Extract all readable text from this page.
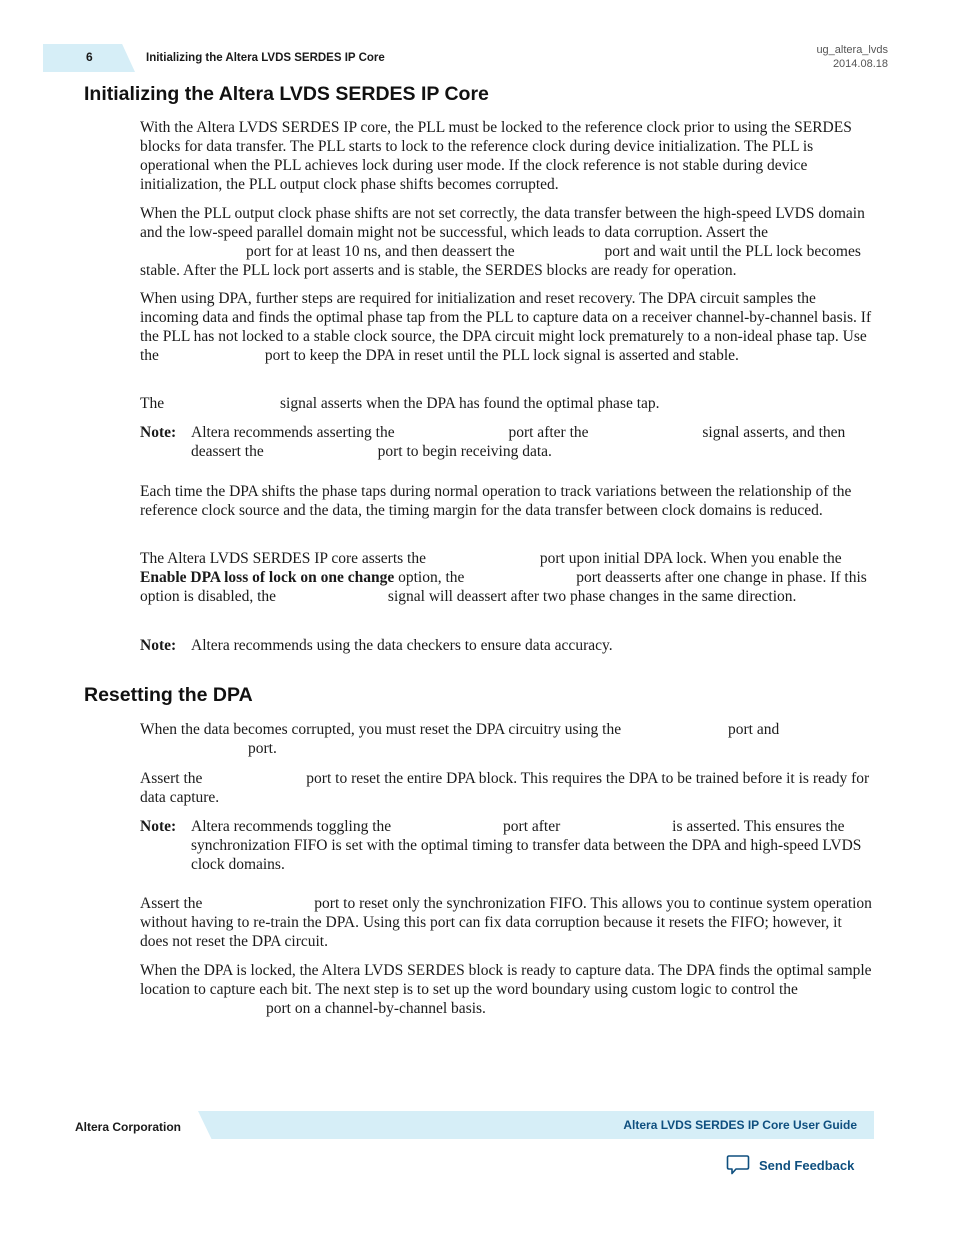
6	Initializing the Altera LVDS SERDES IP Core
ug_altera_lvds
2014.08.18
Initializing the Altera LVDS SERDES IP Core

With the Altera LVDS SERDES IP core, the PLL must be locked to the reference clock prior to using the SERDES blocks for data transfer. The PLL starts to lock to the reference clock during device initialization. The PLL is operational when the PLL achieves lock during user mode. If the clock reference is not stable during device initialization, the PLL output clock phase shifts becomes corrupted.

When the PLL output clock phase shifts are not set correctly, the data transfer between the high-speed LVDS domain and the low-speed parallel domain might not be successful, which leads to data corruption. Assert the port for at least 10 ns, and then deassert the	port and wait until the PLL lock becomes stable. After the PLL lock port asserts and is stable, the SERDES blocks are ready for operation.

When using DPA, further steps are required for initialization and reset recovery. The DPA circuit samples the incoming data and finds the optimal phase tap from the PLL to capture data on a receiver channel-by-channel basis. If the PLL has not locked to a stable clock source, the DPA circuit might lock prematurely to a non-ideal phase tap. Use the	port to keep the DPA in reset until the PLL lock signal is asserted and stable.

The	signal asserts when the DPA has found the optimal phase tap.

Note: Altera recommends asserting the	port after the	signal asserts, and then deassert the	port to begin receiving data.

Each time the DPA shifts the phase taps during normal operation to track variations between the relationship of the reference clock source and the data, the timing margin for the data transfer between clock domains is reduced.

The Altera LVDS SERDES IP core asserts the	port upon initial DPA lock. When you enable the Enable DPA loss of lock on one change option, the	port deasserts after one change in phase. If this option is disabled, the	signal will deassert after two phase changes in the same direction.

Note: Altera recommends using the data checkers to ensure data accuracy.
Resetting the DPA

When the data becomes corrupted, you must reset the DPA circuitry using the	port and
port.

Assert the	port to reset the entire DPA block. This requires the DPA to be trained before it is ready for data capture.

Note: Altera recommends toggling the	port after	is asserted. This ensures the synchronization FIFO is set with the optimal timing to transfer data between the DPA and high-speed LVDS clock domains.

Assert the	port to reset only the synchronization FIFO. This allows you to continue system operation without having to re-train the DPA. Using this port can fix data corruption because it resets the FIFO; however, it does not reset the DPA circuit.

When the DPA is locked, the Altera LVDS SERDES block is ready to capture data. The DPA finds the optimal sample location to capture each bit. The next step is to set up the word boundary using custom logic to control the port on a channel-by-channel basis.

Altera Corporation	Altera LVDS SERDES IP Core User Guide
Send Feedback
